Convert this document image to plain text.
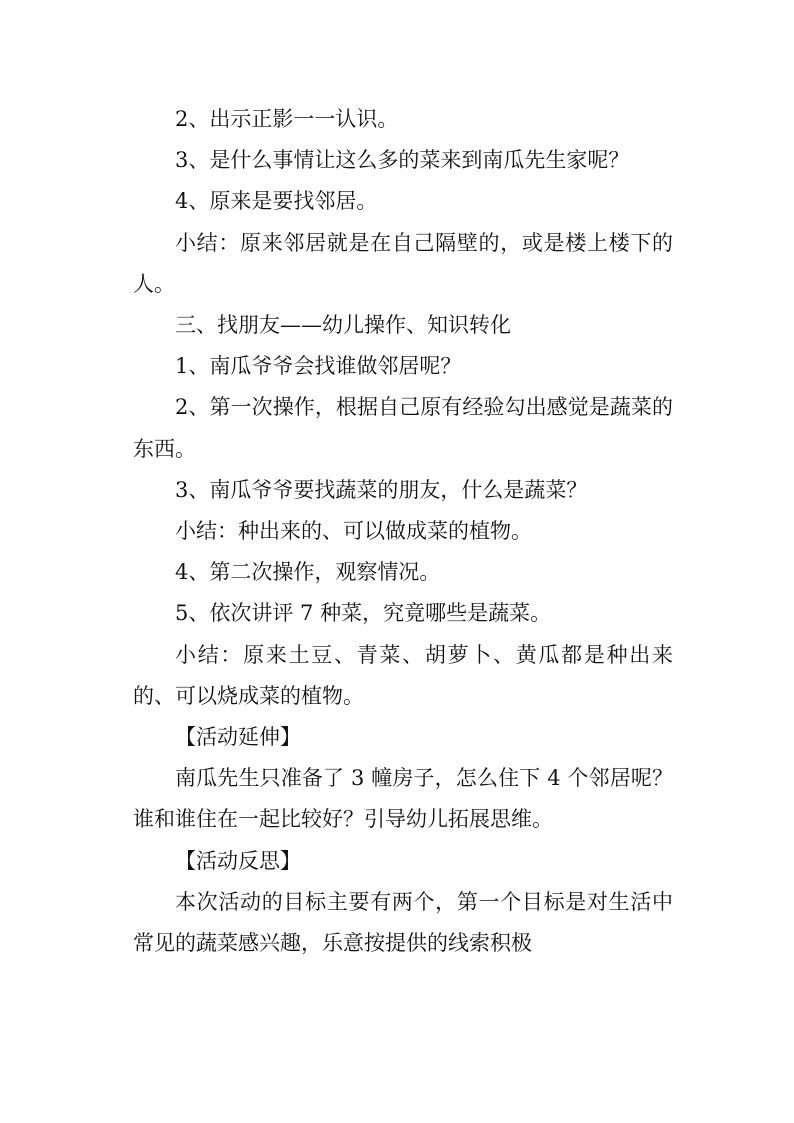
2、出示正影一一认识。

3、是什么事情让这么多的菜来到南瓜先生家呢？

4、原来是要找邻居。

小结：原来邻居就是在自己隔壁的，或是楼上楼下的人。

三、找朋友——幼儿操作、知识转化

1、南瓜爷爷会找谁做邻居呢？

2、第一次操作，根据自己原有经验勾出感觉是蔬菜的东西。

3、南瓜爷爷要找蔬菜的朋友，什么是蔬菜？

小结：种出来的、可以做成菜的植物。

4、第二次操作，观察情况。

5、依次讲评 7 种菜，究竟哪些是蔬菜。

小结：原来土豆、青菜、胡萝卜、黄瓜都是种出来的、可以烧成菜的植物。

【活动延伸】

南瓜先生只准备了 3 幢房子，怎么住下 4 个邻居呢？谁和谁住在一起比较好？引导幼儿拓展思维。

【活动反思】

本次活动的目标主要有两个，第一个目标是对生活中常见的蔬菜感兴趣，乐意按提供的线索积极
